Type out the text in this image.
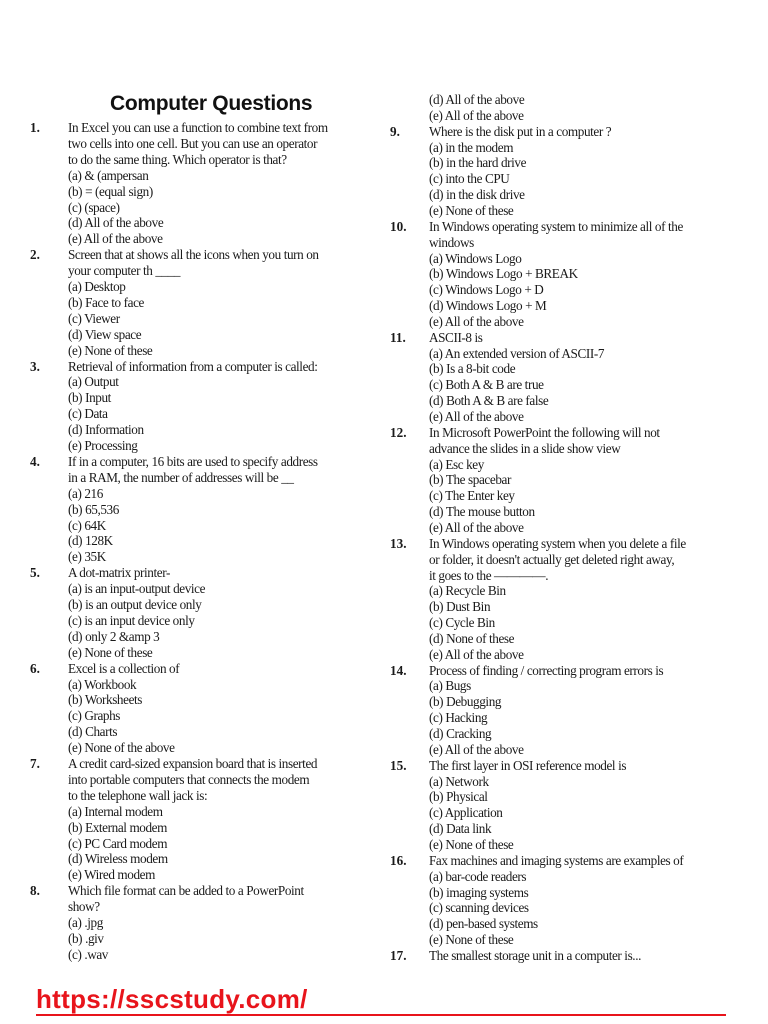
Computer Questions
1. In Excel you can use a function to combine text from
two cells into one cell. But you can use an operator
to do the same thing. Which operator is that?
(a) & (ampersan
(b) = (equal sign)
(c) (space)
(d) All of the above
(e) All of the above
2. Screen that at shows all the icons when you turn on
your computer th ____
(a) Desktop
(b) Face to face
(c) Viewer
(d) View space
(e) None of these
3. Retrieval of information from a computer is called:
(a) Output
(b) Input
(c) Data
(d) Information
(e) Processing
4. If in a computer, 16 bits are used to specify address
in a RAM, the number of addresses will be __
(a) 216
(b) 65,536
(c) 64K
(d) 128K
(e) 35K
5. A dot-matrix printer-
(a) is an input-output device
(b) is an output device only
(c) is an input device only
(d) only 2 &amp 3
(e) None of these
6. Excel is a collection of
(a) Workbook
(b) Worksheets
(c) Graphs
(d) Charts
(e) None of the above
7. A credit card-sized expansion board that is inserted
into portable computers that connects the modem
to the telephone wall jack is:
(a) Internal modem
(b) External modem
(c) PC Card modem
(d) Wireless modem
(e) Wired modem
8. Which file format can be added to a PowerPoint
show?
(a) .jpg
(b) .giv
(c) .wav
(d) All of the above
(e) All of the above
9. Where is the disk put in a computer ?
(a) in the modem
(b) in the hard drive
(c) into the CPU
(d) in the disk drive
(e) None of these
10. In Windows operating system to minimize all of the
windows
(a) Windows Logo
(b) Windows Logo + BREAK
(c) Windows Logo + D
(d) Windows Logo + M
(e) All of the above
11. ASCII-8 is
(a) An extended version of ASCII-7
(b) Is a 8-bit code
(c) Both A & B are true
(d) Both A & B are false
(e) All of the above
12. In Microsoft PowerPoint the following will not
advance the slides in a slide show view
(a) Esc key
(b) The spacebar
(c) The Enter key
(d) The mouse button
(e) All of the above
13. In Windows operating system when you delete a file
or folder, it doesn't actually get deleted right away,
it goes to the ————.
(a) Recycle Bin
(b) Dust Bin
(c) Cycle Bin
(d) None of these
(e) All of the above
14. Process of finding / correcting program errors is
(a) Bugs
(b) Debugging
(c) Hacking
(d) Cracking
(e) All of the above
15. The first layer in OSI reference model is
(a) Network
(b) Physical
(c) Application
(d) Data link
(e) None of these
16. Fax machines and imaging systems are examples of
(a) bar-code readers
(b) imaging systems
(c) scanning devices
(d) pen-based systems
(e) None of these
17. The smallest storage unit in a computer is...
https://sscstudy.com/
